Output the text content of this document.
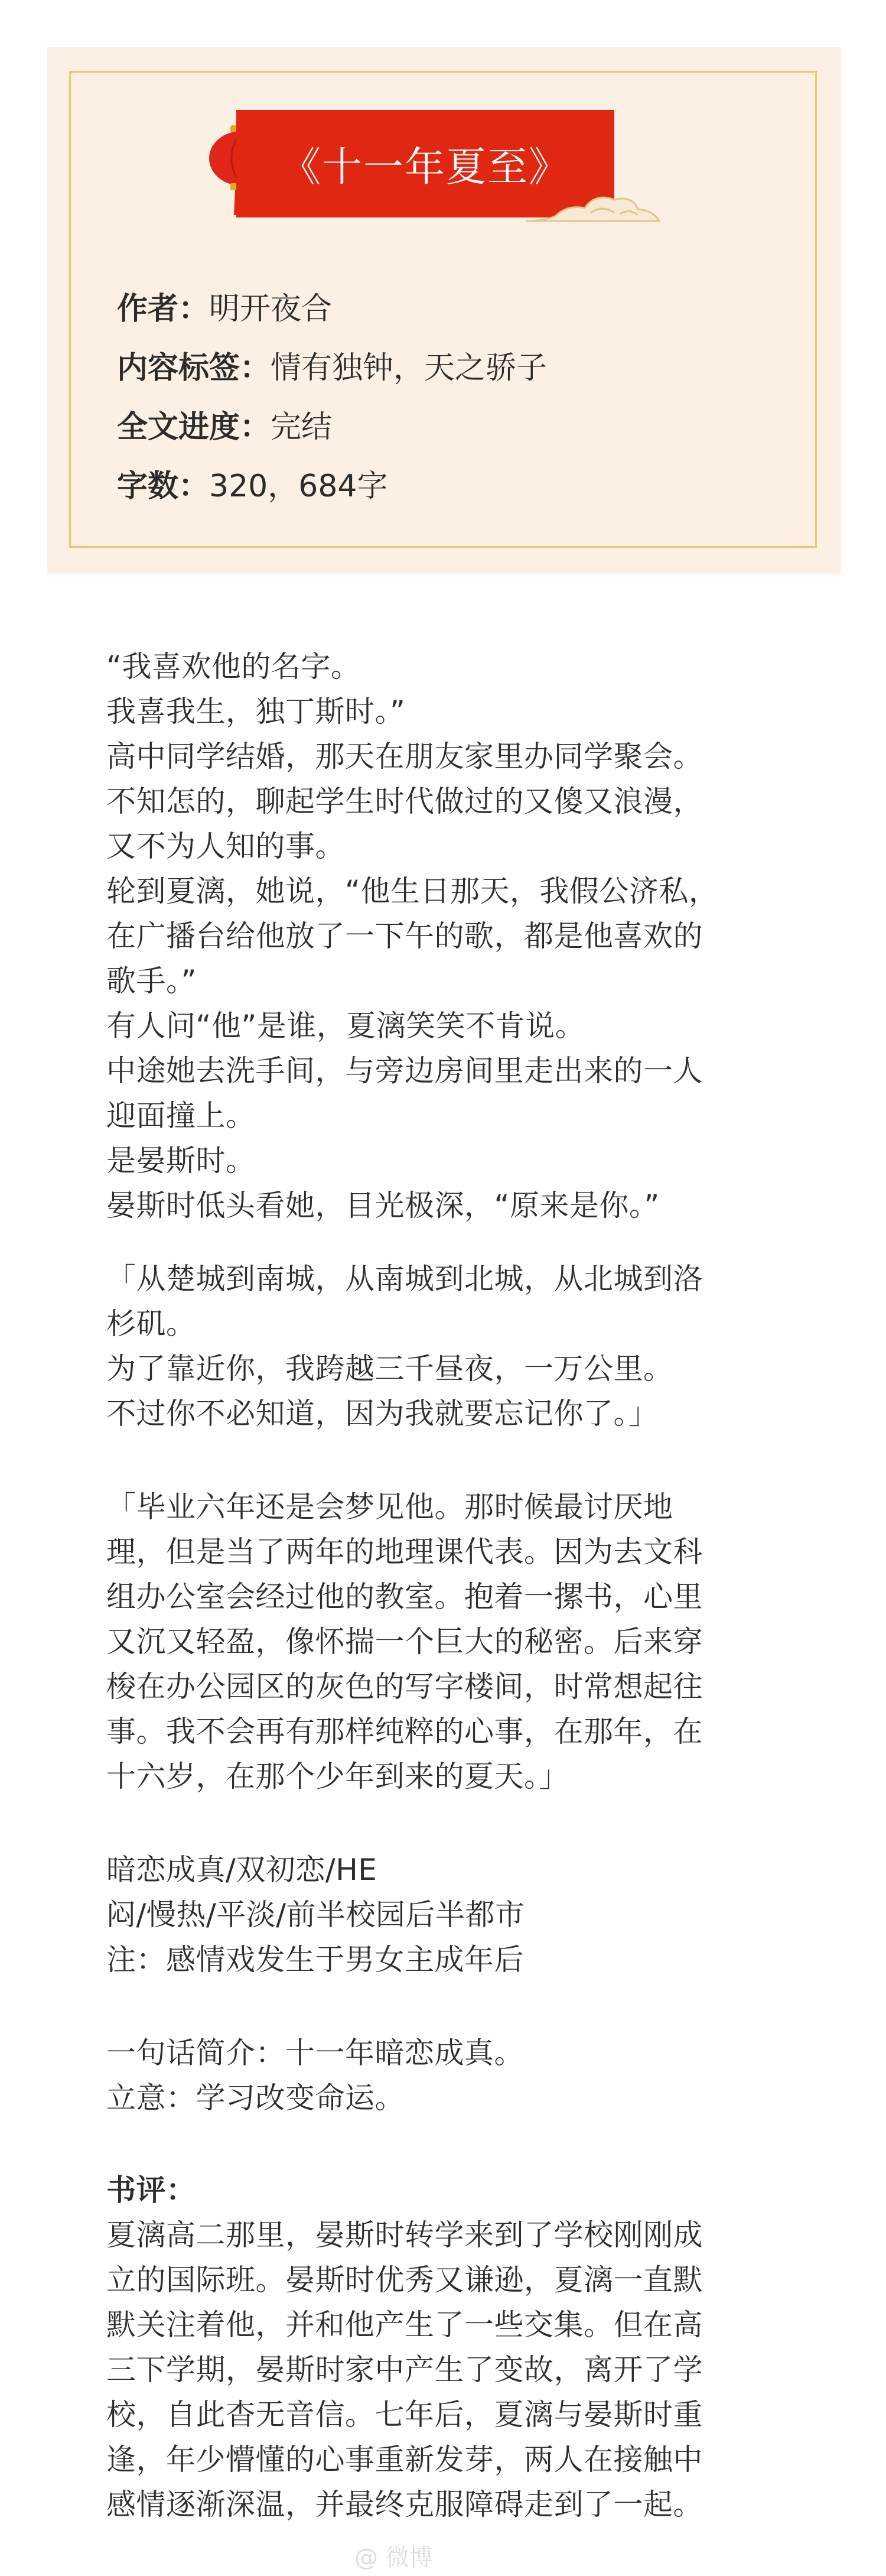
《十一年夏至》
作者：明开夜合
内容标签：情有独钟，天之骄子
全文进度：完结
字数：320，684字
“我喜欢他的名字。
我喜我生，独丁斯时。”
高中同学结婚，那天在朋友家里办同学聚会。
不知怎的，聊起学生时代做过的又傻又浪漫，
又不为人知的事。
轮到夏漓，她说，“他生日那天，我假公济私，
在广播台给他放了一下午的歌，都是他喜欢的
歌手。”
有人问“他”是谁，夏漓笑笑不肯说。
中途她去洗手间，与旁边房间里走出来的一人
迎面撞上。
是晏斯时。
晏斯时低头看她，目光极深，“原来是你。”
「从楚城到南城，从南城到北城，从北城到洛
杉矶。
为了靠近你，我跨越三千昼夜，一万公里。
不过你不必知道，因为我就要忘记你了。」
「毕业六年还是会梦见他。那时候最讨厌地
理，但是当了两年的地理课代表。因为去文科
组办公室会经过他的教室。抱着一摞书，心里
又沉又轻盈，像怀揣一个巨大的秘密。后来穿
梭在办公园区的灰色的写字楼间，时常想起往
事。我不会再有那样纯粹的心事，在那年，在
十六岁，在那个少年到来的夏天。」
暗恋成真/双初恋/HE
闷/慢热/平淡/前半校园后半都市
注：感情戏发生于男女主成年后
一句话简介：十一年暗恋成真。
立意：学习改变命运。
书评：
夏漓高二那里，晏斯时转学来到了学校刚刚成
立的国际班。晏斯时优秀又谦逊，夏漓一直默
默关注着他，并和他产生了一些交集。但在高
三下学期，晏斯时家中产生了变故，离开了学
校，自此杳无音信。七年后，夏漓与晏斯时重
逢，年少懵懂的心事重新发芽，两人在接触中
感情逐渐深温，并最终克服障碍走到了一起。
@ 微博
